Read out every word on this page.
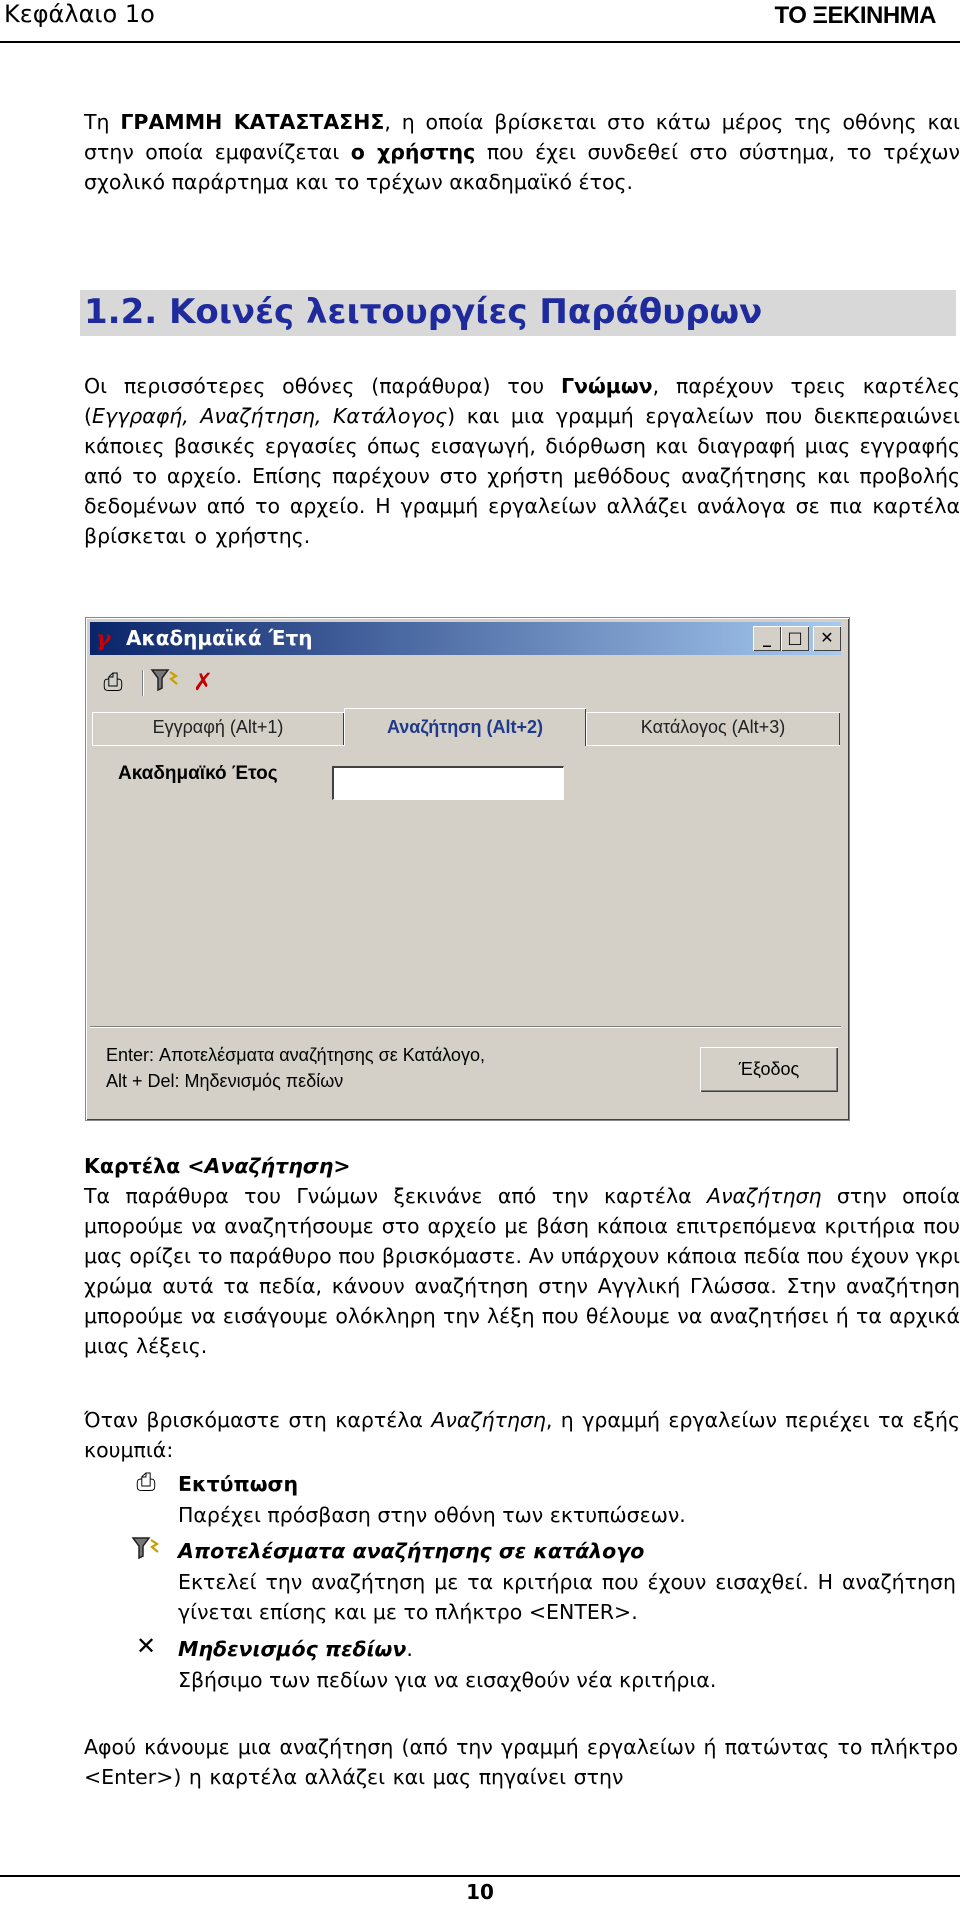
Κεφάλαιο 1ο	ΤΟ ΞΕΚΙΝΗΜΑ

Τη ΓΡΑΜΜΗ ΚΑΤΑΣΤΑΣΗΣ, η οποία βρίσκεται στο κάτω μέρος της οθόνης και στην οποία εμφανίζεται ο χρήστης που έχει συνδεθεί στο σύστημα, το τρέχων σχολικό παράρτημα και το τρέχων ακαδημαϊκό έτος.

1.2. Κοινές λειτουργίες Παράθυρων

Οι περισσότερες οθόνες (παράθυρα) του Γνώμων, παρέχουν τρεις καρτέλες (Εγγραφή, Αναζήτηση, Κατάλογος) και μια γραμμή εργαλείων που διεκπεραιώνει κάποιες βασικές εργασίες όπως εισαγωγή, διόρθωση και διαγραφή μιας εγγραφής από το αρχείο. Επίσης παρέχουν στο χρήστη μεθόδους αναζήτησης και προβολής δεδομένων από το αρχείο. Η γραμμή εργαλείων αλλάζει ανάλογα σε πια καρτέλα βρίσκεται ο χρήστης.

γ Ακαδημαϊκά Έτη	_	□	✕
⎙	✗
Εγγραφή (Alt+1)	Αναζήτηση (Alt+2)	Κατάλογος (Alt+3)
Ακαδημαϊκό Έτος
Enter: Αποτελέσματα αναζήτησης σε Κατάλογο, Alt + Del: Μηδενισμός πεδίων
Έξοδος

Καρτέλα <Αναζήτηση>

Τα παράθυρα του Γνώμων ξεκινάνε από την καρτέλα Αναζήτηση στην οποία μπορούμε να αναζητήσουμε στο αρχείο με βάση κάποια επιτρεπόμενα κριτήρια που μας ορίζει το παράθυρο που βρισκόμαστε. Αν υπάρχουν κάποια πεδία που έχουν γκρι χρώμα αυτά τα πεδία, κάνουν αναζήτηση στην Αγγλική Γλώσσα. Στην αναζήτηση μπορούμε να εισάγουμε ολόκληρη την λέξη που θέλουμε να αναζητήσει ή τα αρχικά μιας λέξεις.

Όταν βρισκόμαστε στη καρτέλα Αναζήτηση, η γραμμή εργαλείων περιέχει τα εξής κουμπιά:

⎙	Εκτύπωση

Παρέχει πρόσβαση στην οθόνη των εκτυπώσεων.

Αποτελέσματα αναζήτησης σε κατάλογο

Εκτελεί την αναζήτηση με τα κριτήρια που έχουν εισαχθεί. Η αναζήτηση γίνεται επίσης και με το πλήκτρο <ENTER>.

✕ Μηδενισμός πεδίων.

Σβήσιμο των πεδίων για να εισαχθούν νέα κριτήρια.

Αφού κάνουμε μια αναζήτηση (από την γραμμή εργαλείων ή πατώντας το πλήκτρο <Enter>) η καρτέλα αλλάζει και μας πηγαίνει στην

10
